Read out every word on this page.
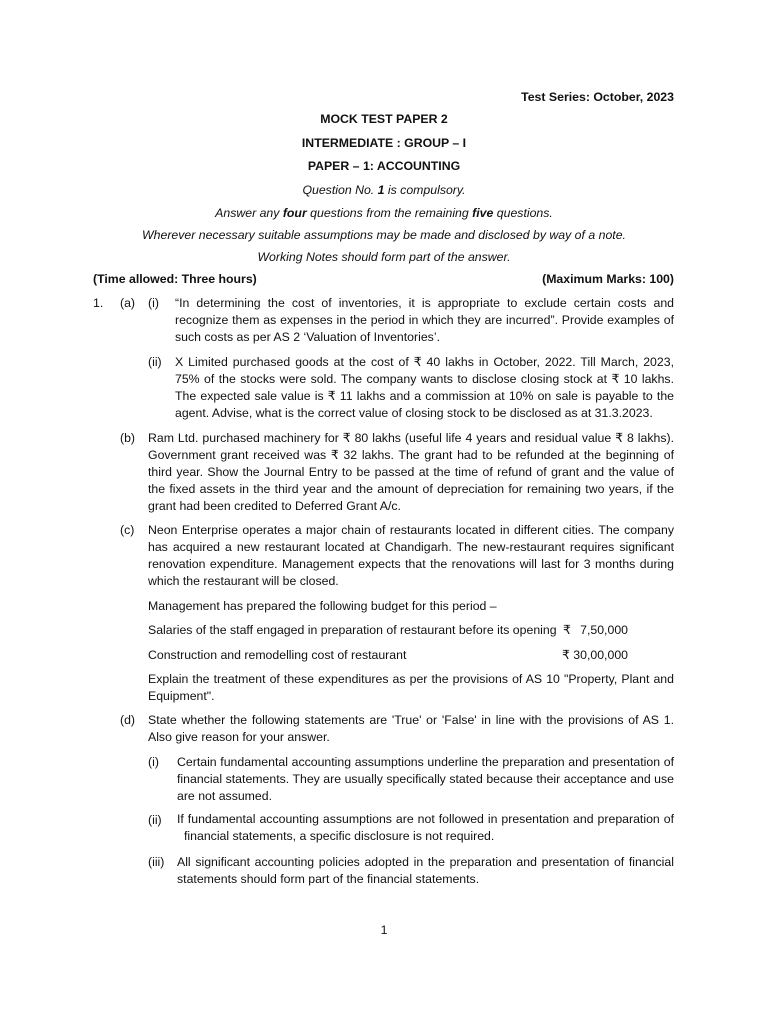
Test Series: October, 2023
MOCK TEST PAPER 2
INTERMEDIATE : GROUP – I
PAPER – 1: ACCOUNTING
Question No. 1 is compulsory.
Answer any four questions from the remaining five questions.
Wherever necessary suitable assumptions may be made and disclosed by way of a note.
Working Notes should form part of the answer.
(Time allowed: Three hours)	(Maximum Marks: 100)
1. (a) (i) “In determining the cost of inventories, it is appropriate to exclude certain costs and recognize them as expenses in the period in which they are incurred”. Provide examples of such costs as per AS 2 ‘Valuation of Inventories’.
(ii) X Limited purchased goods at the cost of ₹ 40 lakhs in October, 2022. Till March, 2023, 75% of the stocks were sold. The company wants to disclose closing stock at ₹ 10 lakhs. The expected sale value is ₹ 11 lakhs and a commission at 10% on sale is payable to the agent. Advise, what is the correct value of closing stock to be disclosed as at 31.3.2023.
(b) Ram Ltd. purchased machinery for ₹ 80 lakhs (useful life 4 years and residual value ₹ 8 lakhs). Government grant received was ₹ 32 lakhs. The grant had to be refunded at the beginning of third year. Show the Journal Entry to be passed at the time of refund of grant and the value of the fixed assets in the third year and the amount of depreciation for remaining two years, if the grant had been credited to Deferred Grant A/c.
(c) Neon Enterprise operates a major chain of restaurants located in different cities. The company has acquired a new restaurant located at Chandigarh. The new-restaurant requires significant renovation expenditure. Management expects that the renovations will last for 3 months during which the restaurant will be closed.
Management has prepared the following budget for this period –
Salaries of the staff engaged in preparation of restaurant before its opening ₹ 7,50,000
Construction and remodelling cost of restaurant	₹ 30,00,000
Explain the treatment of these expenditures as per the provisions of AS 10 "Property, Plant and Equipment".
(d) State whether the following statements are 'True' or 'False' in line with the provisions of AS 1. Also give reason for your answer.
(i) Certain fundamental accounting assumptions underline the preparation and presentation of financial statements. They are usually specifically stated because their acceptance and use are not assumed.
(ii) If fundamental accounting assumptions are not followed in presentation and preparation of
financial statements, a specific disclosure is not required.
(iii) All significant accounting policies adopted in the preparation and presentation of financial statements should form part of the financial statements.
1
